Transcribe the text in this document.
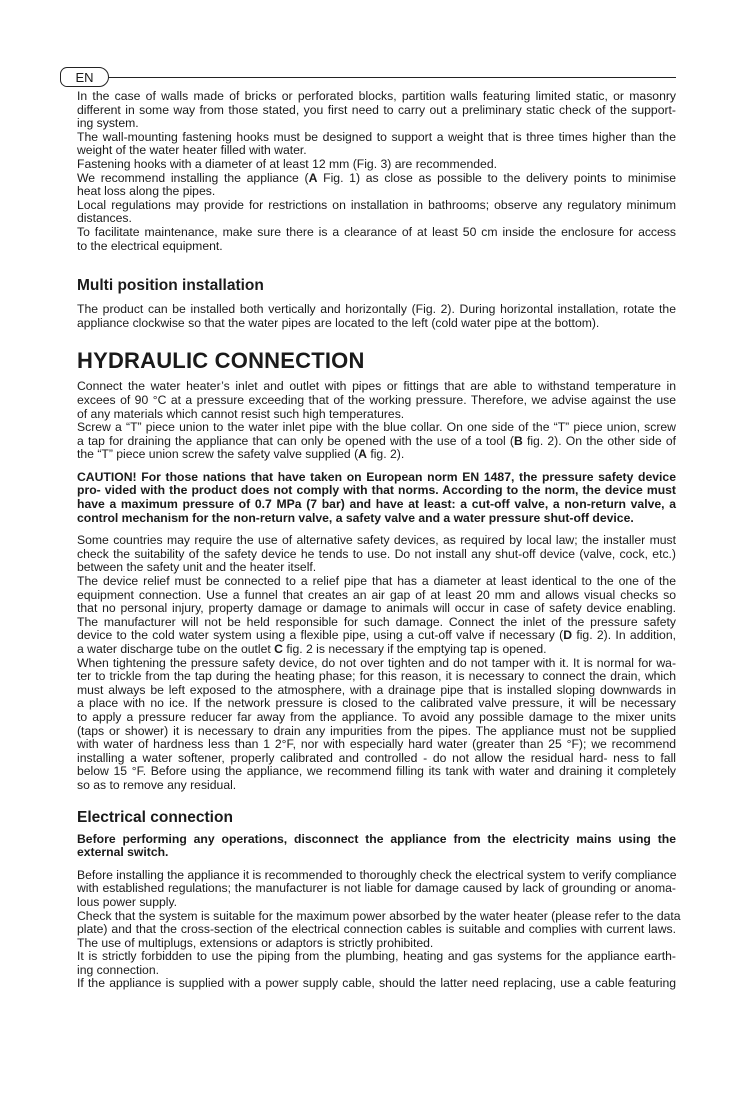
EN
In the case of walls made of bricks or perforated blocks, partition walls featuring limited static, or masonry
different in some way from those stated, you first need to carry out a preliminary static check of the support-
ing system.
The wall-mounting fastening hooks must be designed to support a weight that is three times higher than the
weight of the water heater filled with water.
Fastening hooks with a diameter of at least 12 mm (Fig. 3) are recommended.
We recommend installing the appliance (A Fig. 1) as close as possible to the delivery points to minimise
heat loss along the pipes.
Local regulations may provide for restrictions on installation in bathrooms; observe any regulatory minimum
distances.
To facilitate maintenance, make sure there is a clearance of at least 50 cm inside the enclosure for access
to the electrical equipment.
Multi position installation
The product can be installed both vertically and horizontally (Fig. 2). During horizontal installation, rotate the
appliance clockwise so that the water pipes are located to the left (cold water pipe at the bottom).
HYDRAULIC CONNECTION
Connect the water heater’s inlet and outlet with pipes or fittings that are able to withstand temperature in
excees of 90 °C at a pressure exceeding that of the working pressure. Therefore, we advise against the use
of any materials which cannot resist such high temperatures.
Screw a “T” piece union to the water inlet pipe with the blue collar. On one side of the “T” piece union, screw
a tap for draining the appliance that can only be opened with the use of a tool (B fig. 2). On the other side of
the “T” piece union screw the safety valve supplied (A fig. 2).
CAUTION! For those nations that have taken on European norm EN 1487, the pressure safety device
pro- vided with the product does not comply with that norms. According to the norm, the device must
have a maximum pressure of 0.7 MPa (7 bar) and have at least: a cut-off valve, a non-return valve, a
control mechanism for the non-return valve, a safety valve and a water pressure shut-off device.
Some countries may require the use of alternative safety devices, as required by local law; the installer must
check the suitability of the safety device he tends to use. Do not install any shut-off device (valve, cock, etc.)
between the safety unit and the heater itself.
The device relief must be connected to a relief pipe that has a diameter at least identical to the one of the
equipment connection. Use a funnel that creates an air gap of at least 20 mm and allows visual checks so
that no personal injury, property damage or damage to animals will occur in case of safety device enabling.
The manufacturer will not be held responsible for such damage. Connect the inlet of the pressure safety
device to the cold water system using a flexible pipe, using a cut-off valve if necessary (D fig. 2). In addition,
a water discharge tube on the outlet C fig. 2 is necessary if the emptying tap is opened.
When tightening the pressure safety device, do not over tighten and do not tamper with it. It is normal for wa-
ter to trickle from the tap during the heating phase; for this reason, it is necessary to connect the drain, which
must always be left exposed to the atmosphere, with a drainage pipe that is installed sloping downwards in
a place with no ice. If the network pressure is closed to the calibrated valve pressure, it will be necessary
to apply a pressure reducer far away from the appliance. To avoid any possible damage to the mixer units
(taps or shower) it is necessary to drain any impurities from the pipes. The appliance must not be supplied
with water of hardness less than 1 2°F, nor with especially hard water (greater than 25 °F); we recommend
installing a water softener, properly calibrated and controlled - do not allow the residual hard- ness to fall
below 15 °F. Before using the appliance, we recommend filling its tank with water and draining it completely
so as to remove any residual.
Electrical connection
Before performing any operations, disconnect the appliance from the electricity mains using the
external switch.
Before installing the appliance it is recommended to thoroughly check the electrical system to verify compliance
with established regulations; the manufacturer is not liable for damage caused by lack of grounding or anoma-
lous power supply.
Check that the system is suitable for the maximum power absorbed by the water heater (please refer to the data
plate) and that the cross-section of the electrical connection cables is suitable and complies with current laws.
The use of multiplugs, extensions or adaptors is strictly prohibited.
It is strictly forbidden to use the piping from the plumbing, heating and gas systems for the appliance earth-
ing connection.
If the appliance is supplied with a power supply cable, should the latter need replacing, use a cable featuring
